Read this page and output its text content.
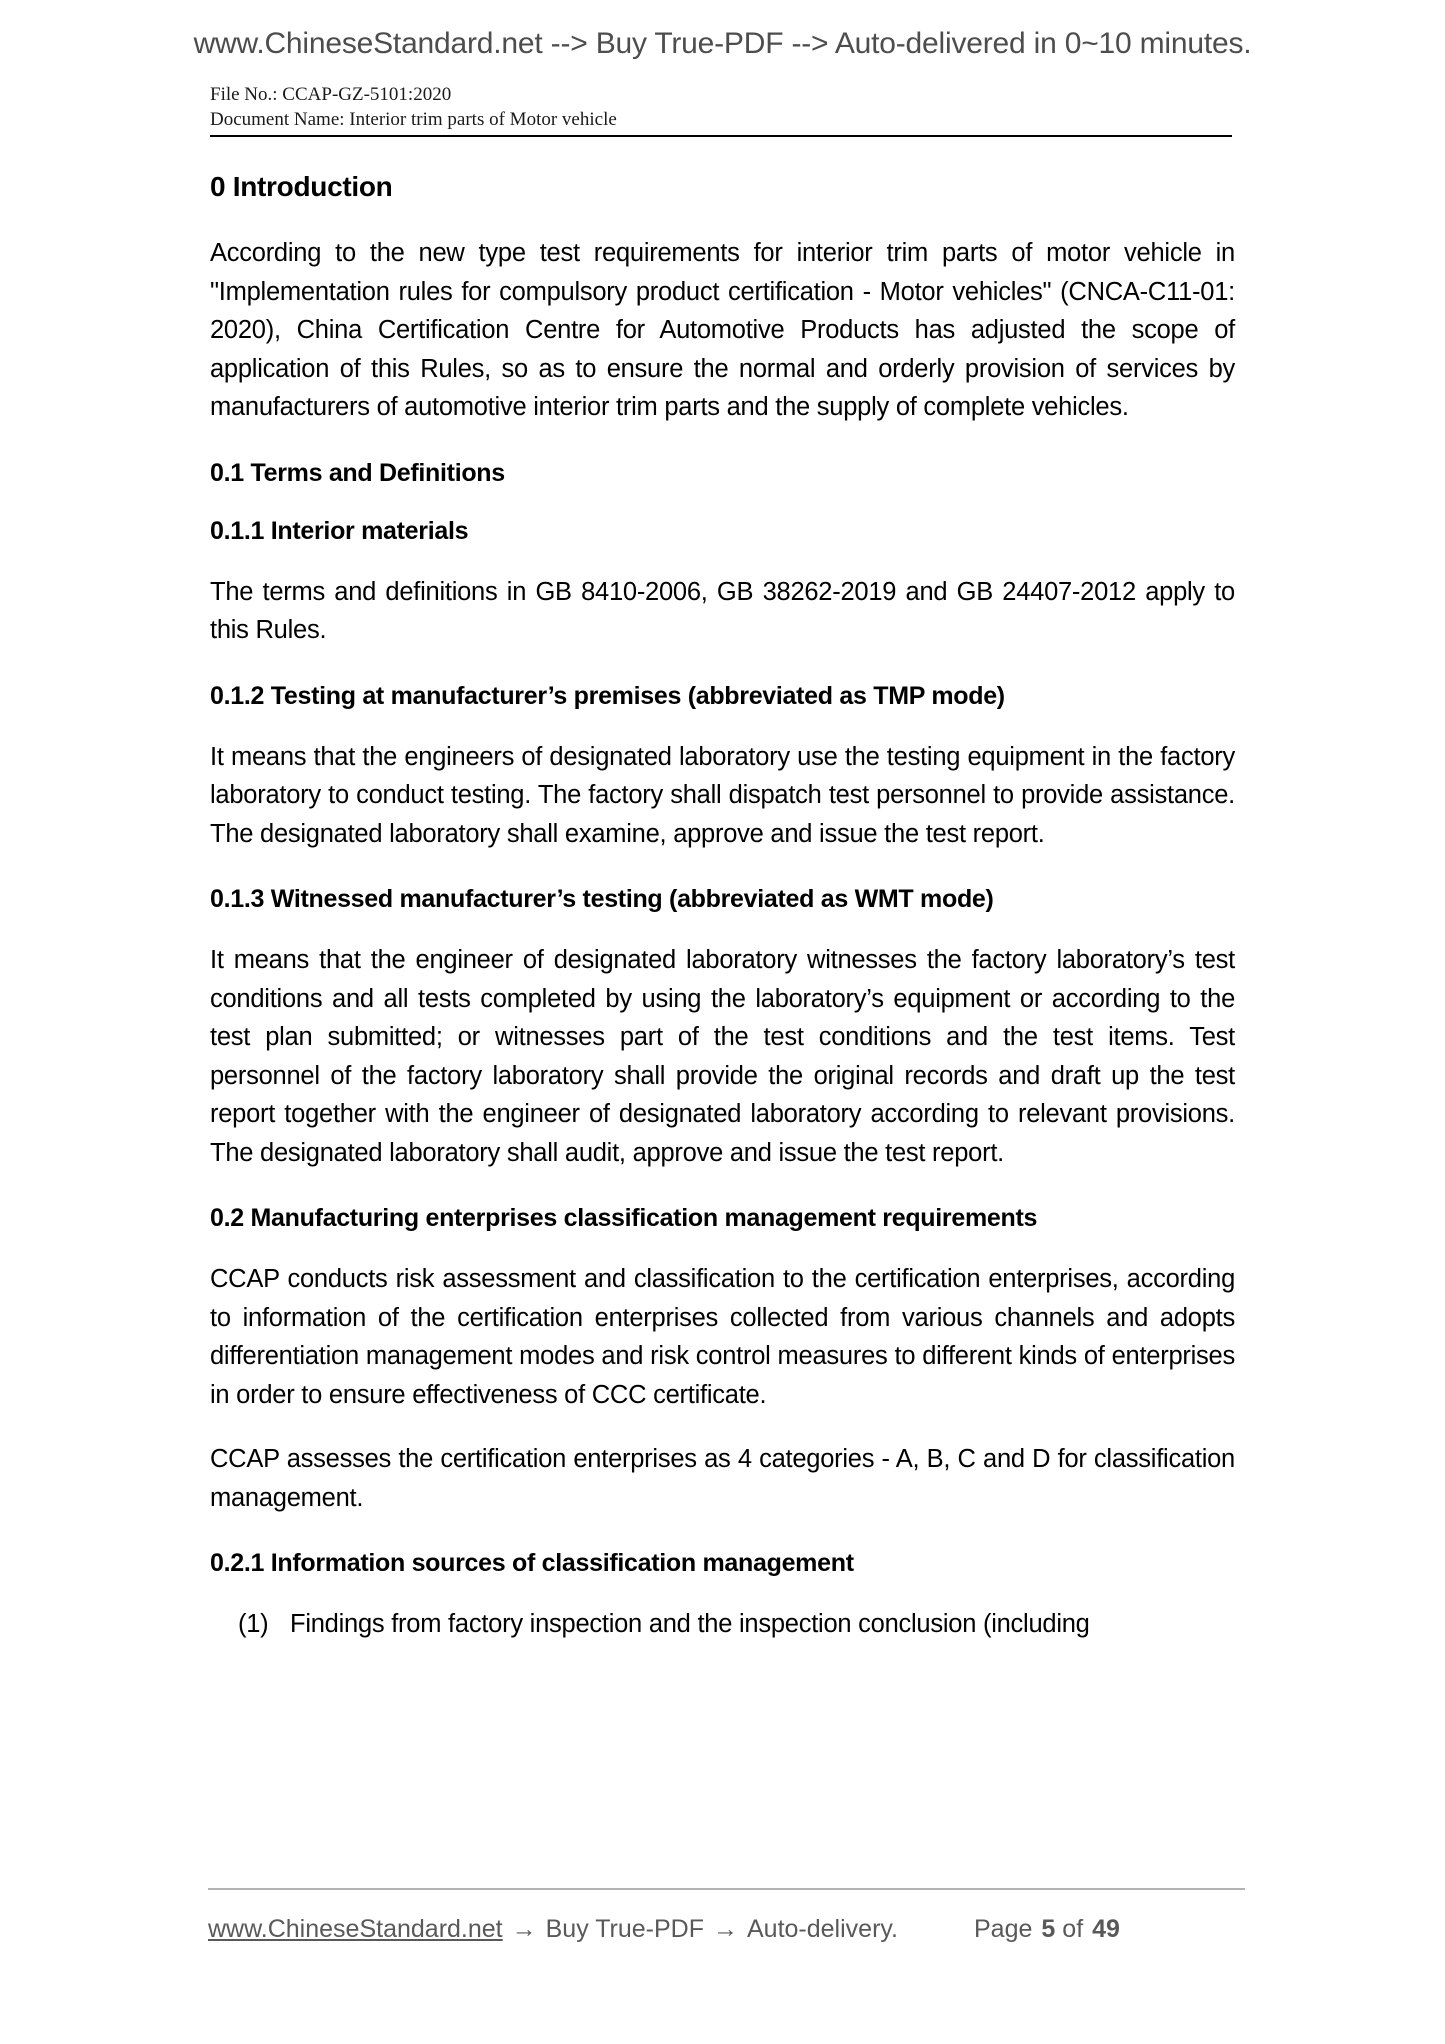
www.ChineseStandard.net --> Buy True-PDF --> Auto-delivered in 0~10 minutes.
File No.: CCAP-GZ-5101:2020
Document Name: Interior trim parts of Motor vehicle
0 Introduction

According to the new type test requirements for interior trim parts of motor vehicle in "Implementation rules for compulsory product certification - Motor vehicles" (CNCA-C11-01: 2020), China Certification Centre for Automotive Products has adjusted the scope of application of this Rules, so as to ensure the normal and orderly provision of services by manufacturers of automotive interior trim parts and the supply of complete vehicles.

0.1 Terms and Definitions
0.1.1 Interior materials

The terms and definitions in GB 8410-2006, GB 38262-2019 and GB 24407-2012 apply to this Rules.

0.1.2 Testing at manufacturer’s premises (abbreviated as TMP mode)

It means that the engineers of designated laboratory use the testing equipment in the factory laboratory to conduct testing. The factory shall dispatch test personnel to provide assistance. The designated laboratory shall examine, approve and issue the test report.

0.1.3 Witnessed manufacturer’s testing (abbreviated as WMT mode)

It means that the engineer of designated laboratory witnesses the factory laboratory’s test conditions and all tests completed by using the laboratory’s equipment or according to the test plan submitted; or witnesses part of the test conditions and the test items. Test personnel of the factory laboratory shall provide the original records and draft up the test report together with the engineer of designated laboratory according to relevant provisions. The designated laboratory shall audit, approve and issue the test report.

0.2 Manufacturing enterprises classification management requirements

CCAP conducts risk assessment and classification to the certification enterprises, according to information of the certification enterprises collected from various channels and adopts differentiation management modes and risk control measures to different kinds of enterprises in order to ensure effectiveness of CCC certificate.

CCAP assesses the certification enterprises as 4 categories - A, B, C and D for classification management.

0.2.1 Information sources of classification management
(1) Findings from factory inspection and the inspection conclusion (including
www.ChineseStandard.net → Buy True-PDF → Auto-delivery.	Page 5 of 49
